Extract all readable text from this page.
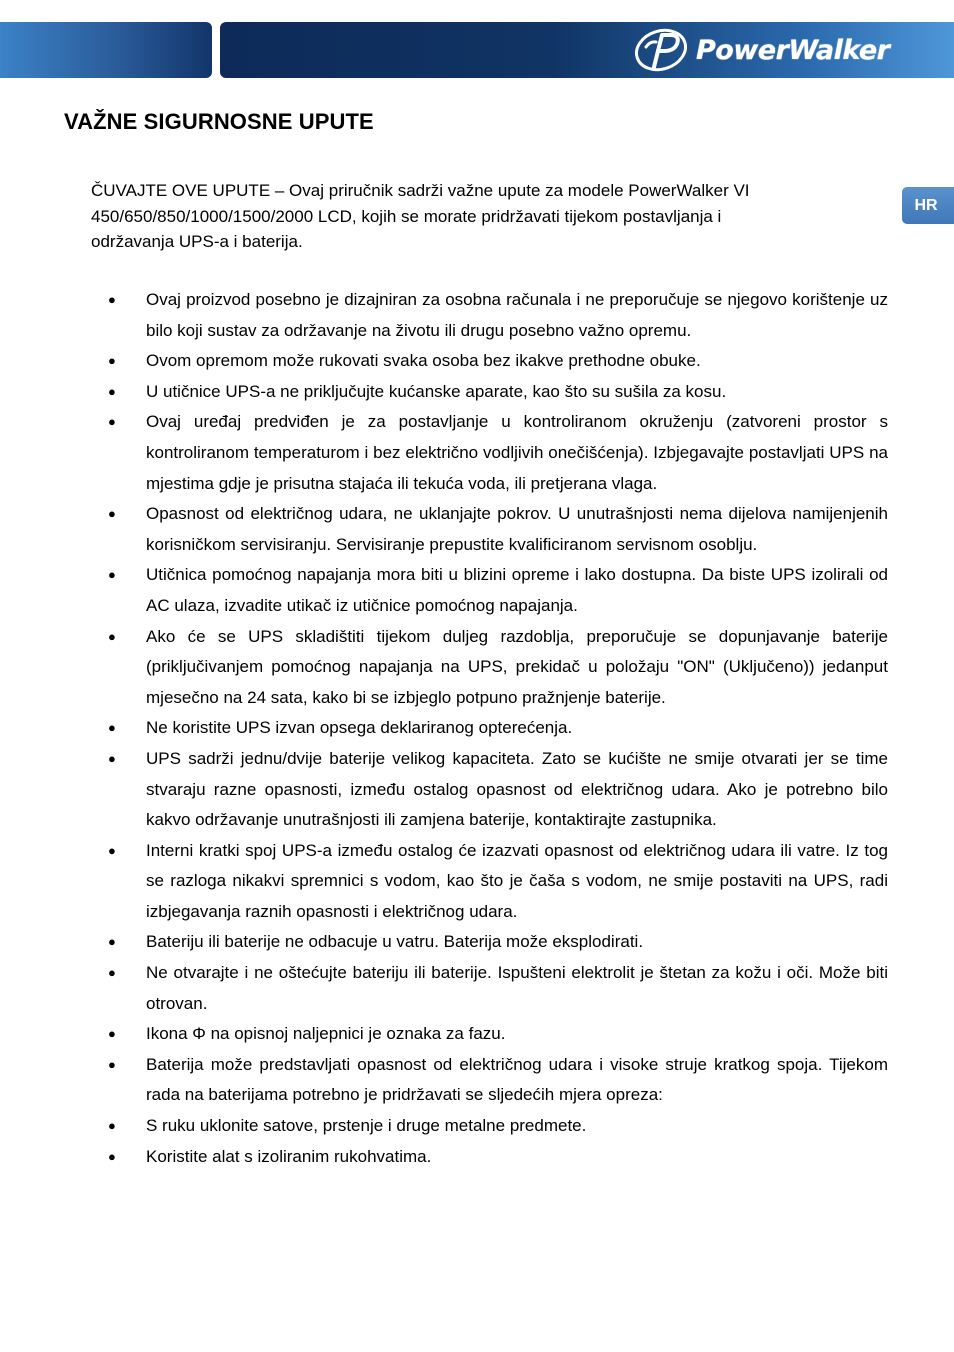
PowerWalker
HR
VAŽNE SIGURNOSNE UPUTE

ČUVAJTE OVE UPUTE – Ovaj priručnik sadrži važne upute za modele PowerWalker VI 450/650/850/1000/1500/2000 LCD, kojih se morate pridržavati tijekom postavljanja i održavanja UPS-a i baterija.

● Ovaj proizvod posebno je dizajniran za osobna računala i ne preporučuje se njegovo korištenje uz bilo koji sustav za održavanje na životu ili drugu posebno važno opremu.
● Ovom opremom može rukovati svaka osoba bez ikakve prethodne obuke.
● U utičnice UPS-a ne priključujte kućanske aparate, kao što su sušila za kosu.
● Ovaj uređaj predviđen je za postavljanje u kontroliranom okruženju (zatvoreni prostor s kontroliranom temperaturom i bez električno vodljivih onečišćenja). Izbjegavajte postavljati UPS na mjestima gdje je prisutna stajaća ili tekuća voda, ili pretjerana vlaga.
● Opasnost od električnog udara, ne uklanjajte pokrov. U unutrašnjosti nema dijelova namijenjenih korisničkom servisiranju. Servisiranje prepustite kvalificiranom servisnom osoblju.
● Utičnica pomoćnog napajanja mora biti u blizini opreme i lako dostupna. Da biste UPS izolirali od AC ulaza, izvadite utikač iz utičnice pomoćnog napajanja.
● Ako će se UPS skladištiti tijekom duljeg razdoblja, preporučuje se dopunjavanje baterije (priključivanjem pomoćnog napajanja na UPS, prekidač u položaju "ON" (Uključeno)) jedanput mjesečno na 24 sata, kako bi se izbjeglo potpuno pražnjenje baterije.
● Ne koristite UPS izvan opsega deklariranog opterećenja.
● UPS sadrži jednu/dvije baterije velikog kapaciteta. Zato se kućište ne smije otvarati jer se time stvaraju razne opasnosti, između ostalog opasnost od električnog udara. Ako je potrebno bilo kakvo održavanje unutrašnjosti ili zamjena baterije, kontaktirajte zastupnika.
● Interni kratki spoj UPS-a između ostalog će izazvati opasnost od električnog udara ili vatre. Iz tog se razloga nikakvi spremnici s vodom, kao što je čaša s vodom, ne smije postaviti na UPS, radi izbjegavanja raznih opasnosti i električnog udara.
● Bateriju ili baterije ne odbacuje u vatru. Baterija može eksplodirati.
● Ne otvarajte i ne oštećujte bateriju ili baterije. Ispušteni elektrolit je štetan za kožu i oči. Može biti otrovan.
● Ikona Φ na opisnoj naljepnici je oznaka za fazu.
● Baterija može predstavljati opasnost od električnog udara i visoke struje kratkog spoja. Tijekom rada na baterijama potrebno je pridržavati se sljedećih mjera opreza:
● S ruku uklonite satove, prstenje i druge metalne predmete.
● Koristite alat s izoliranim rukohvatima.
